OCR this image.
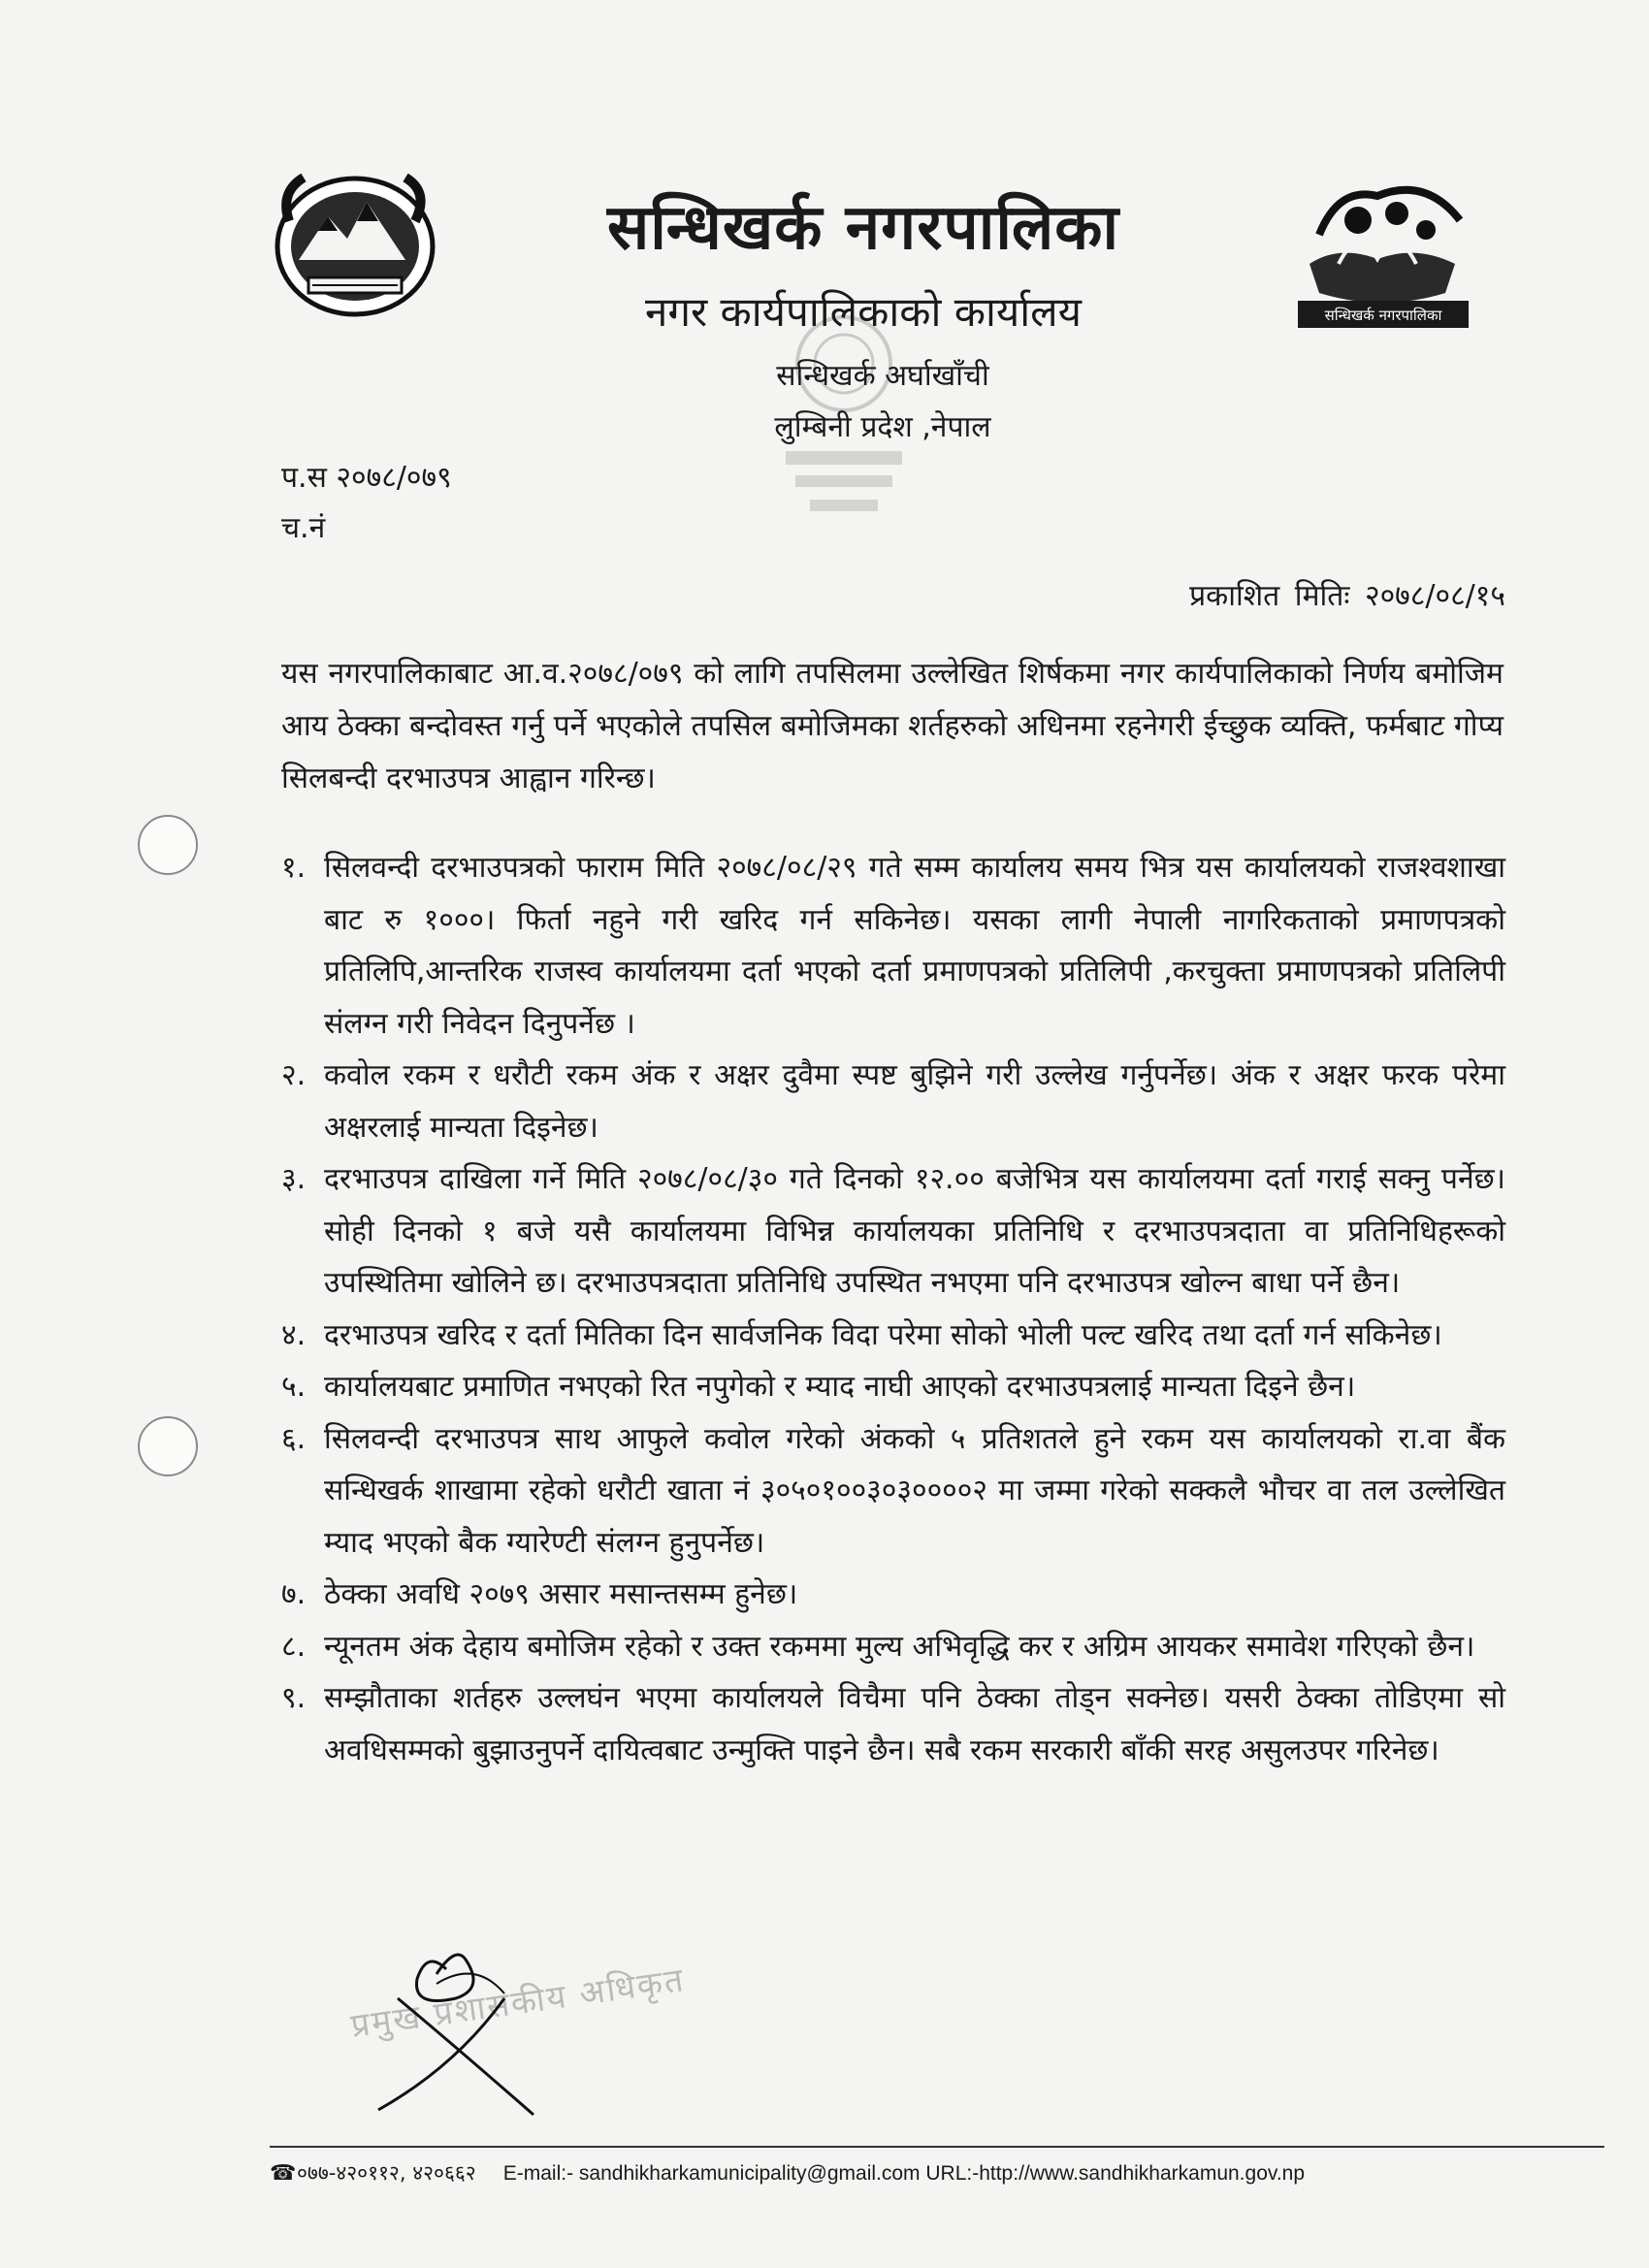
सन्धिखर्क नगरपालिका
सन्धिखर्क नगरपालिका
नगर कार्यपालिकाको कार्यालय
सन्धिखर्क अर्घाखाँची
लुम्बिनी प्रदेश ,नेपाल
प.स २०७८/०७९
च.नं
प्रकाशित मितिः २०७८/०८/१५
यस नगरपालिकाबाट आ.व.२०७८/०७९ को लागि तपसिलमा उल्लेखित शिर्षकमा नगर कार्यपालिकाको निर्णय बमोजिम आय ठेक्का बन्दोवस्त गर्नु पर्ने भएकोले तपसिल बमोजिमका शर्तहरुको अधिनमा रहनेगरी ईच्छुक व्यक्ति, फर्मबाट गोप्य सिलबन्दी दरभाउपत्र आह्वान गरिन्छ।
१. सिलवन्दी दरभाउपत्रको फाराम मिति २०७८/०८/२९ गते सम्म कार्यालय समय भित्र यस कार्यालयको राजश्वशाखा बाट रु १०००। फिर्ता नहुने गरी खरिद गर्न सकिनेछ। यसका लागी नेपाली नागरिकताको प्रमाणपत्रको प्रतिलिपि,आन्तरिक राजस्व कार्यालयमा दर्ता भएको दर्ता प्रमाणपत्रको प्रतिलिपी ,करचुक्ता प्रमाणपत्रको प्रतिलिपी संलग्न गरी निवेदन दिनुपर्नेछ ।
२. कवोल रकम र धरौटी रकम अंक र अक्षर दुवैमा स्पष्ट बुझिने गरी उल्लेख गर्नुपर्नेछ। अंक र अक्षर फरक परेमा अक्षरलाई मान्यता दिइनेछ।
३. दरभाउपत्र दाखिला गर्ने मिति २०७८/०८/३० गते दिनको १२.०० बजेभित्र यस कार्यालयमा दर्ता गराई सक्नु पर्नेछ। सोही दिनको १ बजे यसै कार्यालयमा विभिन्न कार्यालयका प्रतिनिधि र दरभाउपत्रदाता वा प्रतिनिधिहरूको उपस्थितिमा खोलिने छ। दरभाउपत्रदाता प्रतिनिधि उपस्थित नभएमा पनि दरभाउपत्र खोल्न बाधा पर्ने छैन।
४. दरभाउपत्र खरिद र दर्ता मितिका दिन सार्वजनिक विदा परेमा सोको भोली पल्ट खरिद तथा दर्ता गर्न सकिनेछ।
५. कार्यालयबाट प्रमाणित नभएको रित नपुगेको र म्याद नाघी आएको दरभाउपत्रलाई मान्यता दिइने छैन।
६. सिलवन्दी दरभाउपत्र साथ आफुले कवोल गरेको अंकको ५ प्रतिशतले हुने रकम यस कार्यालयको रा.वा बैंक सन्धिखर्क शाखामा रहेको धरौटी खाता नं ३०५०१००३०३००००२ मा जम्मा गरेको सक्कलै भौचर वा तल उल्लेखित म्याद भएको बैक ग्यारेण्टी संलग्न हुनुपर्नेछ।
७. ठेक्का अवधि २०७९ असार मसान्तसम्म हुनेछ।
८. न्यूनतम अंक देहाय बमोजिम रहेको र उक्त रकममा मुल्य अभिवृद्धि कर र अग्रिम आयकर समावेश गरिएको छैन।
९. सम्झौताका शर्तहरु उल्लघंन भएमा कार्यालयले विचैमा पनि ठेक्का तोड्न सक्नेछ। यसरी ठेक्का तोडिएमा सो अवधिसम्मको बुझाउनुपर्ने दायित्वबाट उन्मुक्ति पाइने छैन। सबै रकम सरकारी बाँकी सरह असुलउपर गरिनेछ।
प्रमुख प्रशासकीय अधिकृत
☎०७७-४२०११२, ४२०६६२ E-mail:- sandhikharkamunicipality@gmail.com URL:-http://www.sandhikharkamun.gov.np
